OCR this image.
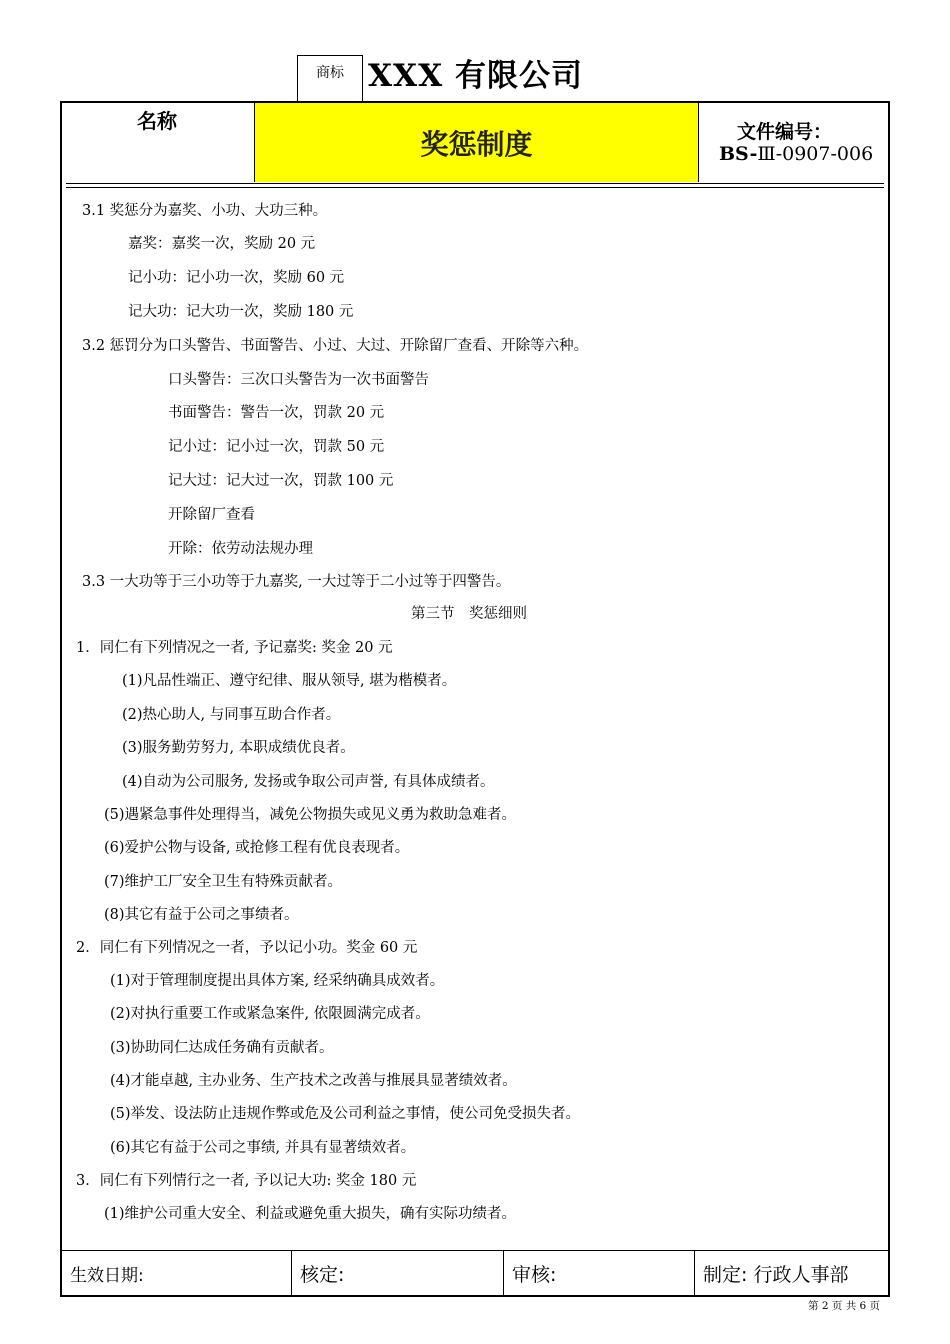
商标 XXX 有限公司
名称
奖惩制度	文件编号：
BS-Ⅲ-0907-006
3.1 奖惩分为嘉奖、小功、大功三种。
嘉奖：嘉奖一次，奖励 20 元
记小功：记小功一次，奖励 60 元
记大功：记大功一次，奖励 180 元
3.2 惩罚分为口头警告、书面警告、小过、大过、开除留厂查看、开除等六种。
口头警告：三次口头警告为一次书面警告
书面警告：警告一次，罚款 20 元
记小过：记小过一次，罚款 50 元
记大过：记大过一次，罚款 100 元
开除留厂查看
开除：依劳动法规办理
3.3 一大功等于三小功等于九嘉奖, 一大过等于二小过等于四警告。
第三节　奖惩细则
1．同仁有下列情况之一者, 予记嘉奖: 奖金 20 元
(1)凡品性端正、遵守纪律、服从领导, 堪为楷模者。
(2)热心助人, 与同事互助合作者。
(3)服务勤劳努力, 本职成绩优良者。
(4)自动为公司服务, 发扬或争取公司声誉, 有具体成绩者。
(5)遇紧急事件处理得当，减免公物损失或见义勇为救助急难者。
(6)爱护公物与设备, 或抢修工程有优良表现者。
(7)维护工厂安全卫生有特殊贡献者。
(8)其它有益于公司之事绩者。
2．同仁有下列情况之一者，予以记小功。奖金 60 元
(1)对于管理制度提出具体方案, 经采纳确具成效者。
(2)对执行重要工作或紧急案件, 依限圆满完成者。
(3)协助同仁达成任务确有贡献者。
(4)才能卓越, 主办业务、生产技术之改善与推展具显著绩效者。
(5)举发、设法防止违规作弊或危及公司利益之事情，使公司免受损失者。
(6)其它有益于公司之事绩, 并具有显著绩效者。
3．同仁有下列情行之一者, 予以记大功: 奖金 180 元
(1)维护公司重大安全、利益或避免重大损失，确有实际功绩者。
生效日期:	核定:	审核:	制定: 行政人事部
第 2 页 共 6 页
